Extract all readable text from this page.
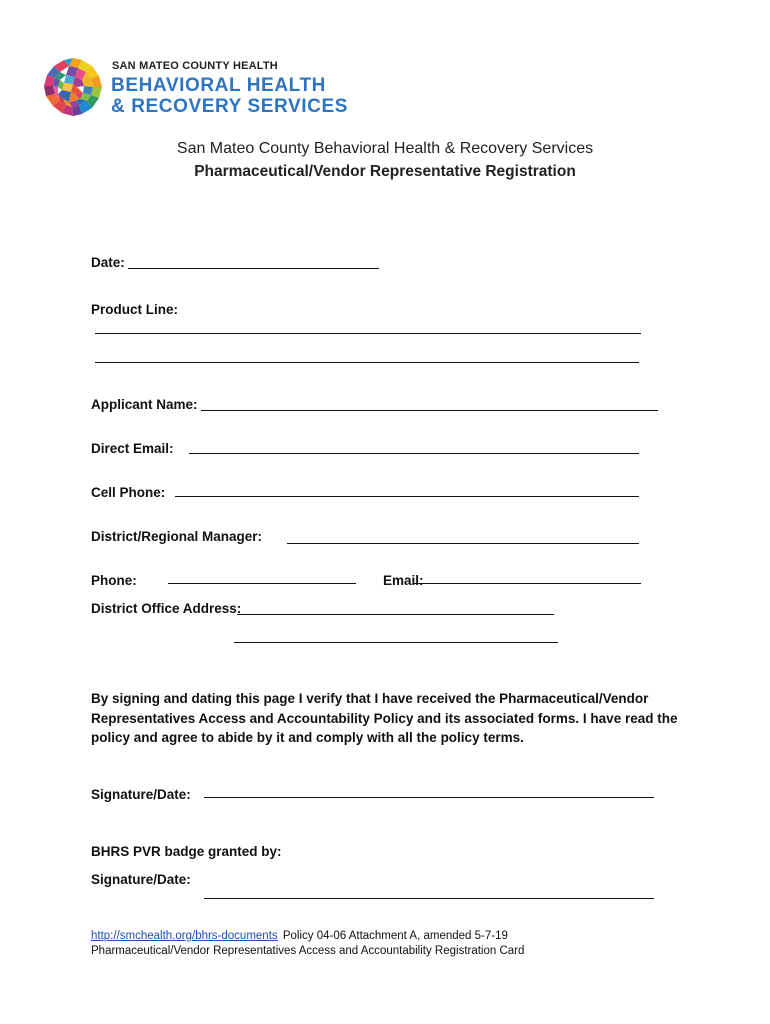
SAN MATEO COUNTY HEALTH
BEHAVIORAL HEALTH
& RECOVERY SERVICES
San Mateo County Behavioral Health & Recovery Services
Pharmaceutical/Vendor Representative Registration
Date:
Product Line:
Applicant Name:
Direct Email:
Cell Phone:
District/Regional Manager:
Phone:	Email:
District Office Address:
By signing and dating this page I verify that I have received the Pharmaceutical/Vendor Representatives Access and Accountability Policy and its associated forms. I have read the policy and agree to abide by it and comply with all the policy terms.
Signature/Date:
BHRS PVR badge granted by:
Signature/Date:
http://smchealth.org/bhrs-documents Policy 04-06 Attachment A, amended 5-7-19
Pharmaceutical/Vendor Representatives Access and Accountability Registration Card
